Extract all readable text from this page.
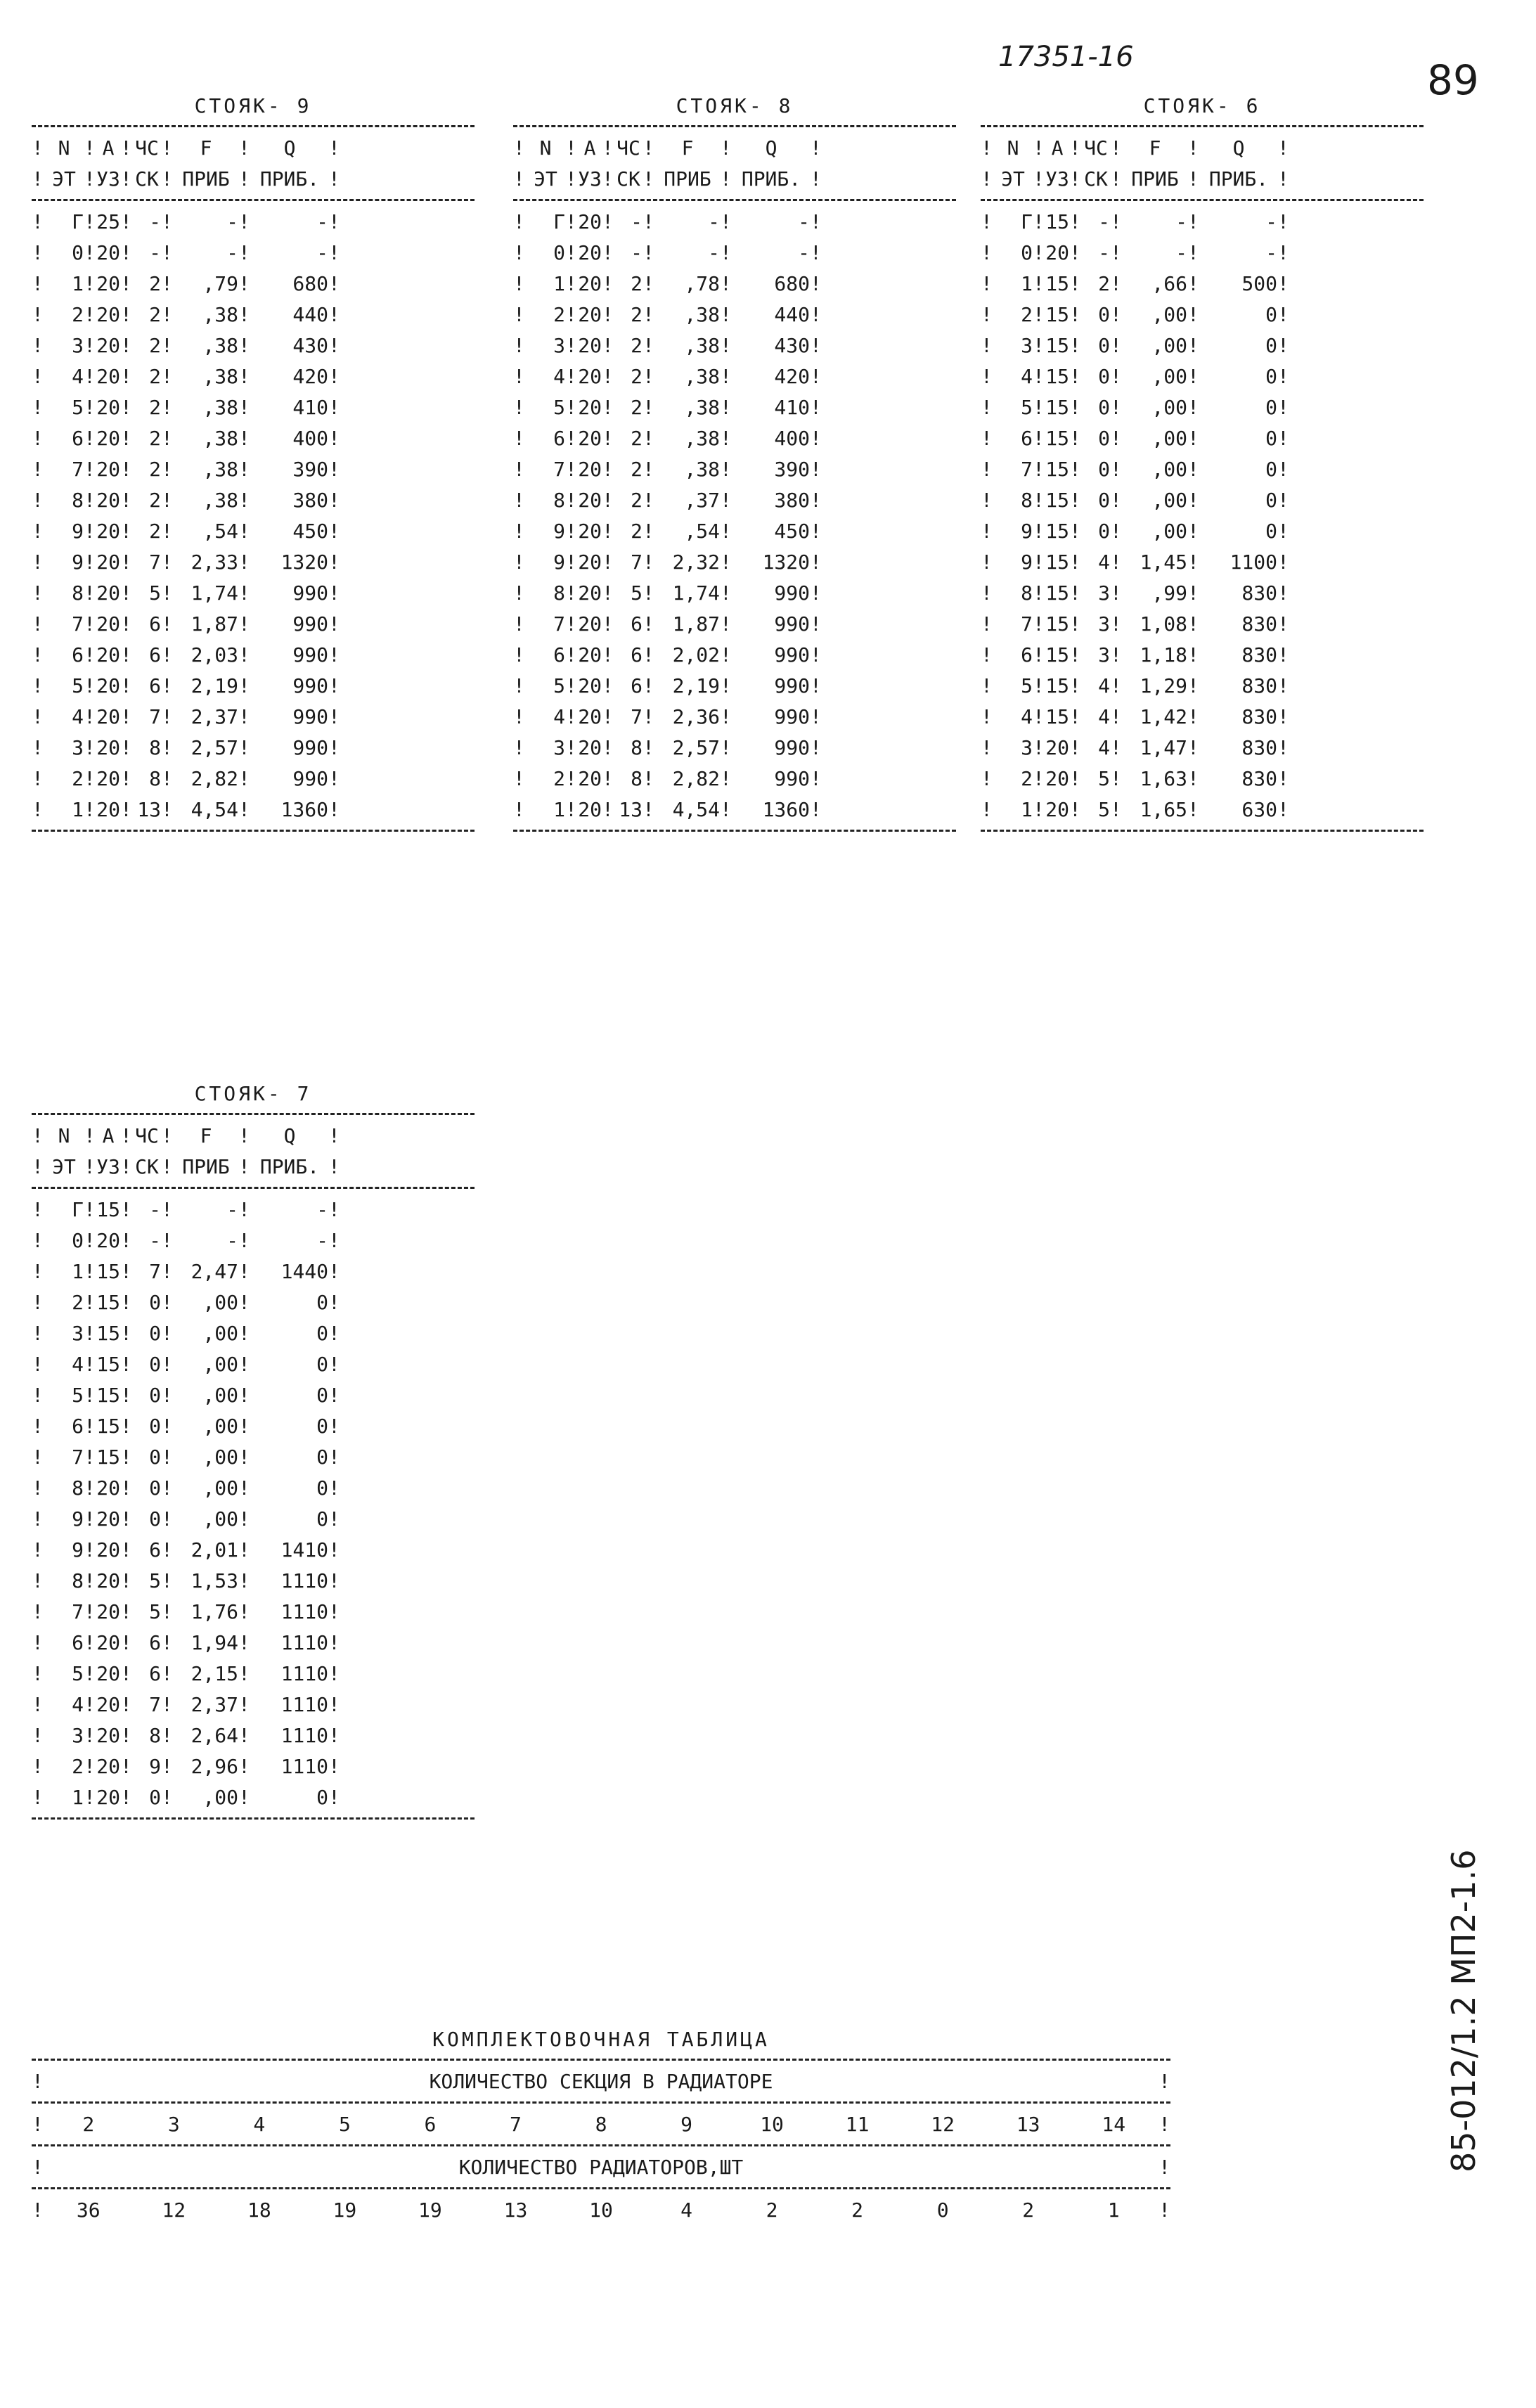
17351-16	89
85-012/1.2 МП2-1.6
СТОЯК- 9
! N ! А ! ЧС !	F	!	Q	!
! ЭТ ! УЗ ! СК ! ПРИБ ! ПРИБ. !
!	Г ! 25 ! - !	- !	- !
!	0 ! 20 ! - !	- !	- !
!	1 ! 20 ! 2 !	,79 !	680 !
!	2 ! 20 ! 2 !	,38 !	440 !
!	3 ! 20 ! 2 !	,38 !	430 !
!	4 ! 20 ! 2 !	,38 !	420 !
!	5 ! 20 ! 2 !	,38 !	410 !
!	6 ! 20 ! 2 !	,38 !	400 !
!	7 ! 20 ! 2 !	,38 !	390 !
!	8 ! 20 ! 2 !	,38 !	380 !
!	9 ! 20 ! 2 !	,54 !	450 !
!	9 ! 20 ! 7 ! 2,33 !	1320 !
!	8 ! 20 ! 5 ! 1,74 !	990 !
!	7 ! 20 ! 6 ! 1,87 !	990 !
!	6 ! 20 ! 6 ! 2,03 !	990 !
!	5 ! 20 ! 6 ! 2,19 !	990 !
!	4 ! 20 ! 7 ! 2,37 !	990 !
!	3 ! 20 ! 8 ! 2,57 !	990 !
!	2 ! 20 ! 8 ! 2,82 !	990 !
!	1 ! 20 ! 13 ! 4,54 !	1360 !
СТОЯК- 8
! N ! А ! ЧС !	F	!	Q	!
! ЭТ ! УЗ ! СК ! ПРИБ ! ПРИБ. !
!	Г ! 20 ! - !	- !	- !
!	0 ! 20 ! - !	- !	- !
!	1 ! 20 ! 2 !	,78 !	680 !
!	2 ! 20 ! 2 !	,38 !	440 !
!	3 ! 20 ! 2 !	,38 !	430 !
!	4 ! 20 ! 2 !	,38 !	420 !
!	5 ! 20 ! 2 !	,38 !	410 !
!	6 ! 20 ! 2 !	,38 !	400 !
!	7 ! 20 ! 2 !	,38 !	390 !
!	8 ! 20 ! 2 !	,37 !	380 !
!	9 ! 20 ! 2 !	,54 !	450 !
!	9 ! 20 ! 7 ! 2,32 !	1320 !
!	8 ! 20 ! 5 ! 1,74 !	990 !
!	7 ! 20 ! 6 ! 1,87 !	990 !
!	6 ! 20 ! 6 ! 2,02 !	990 !
!	5 ! 20 ! 6 ! 2,19 !	990 !
!	4 ! 20 ! 7 ! 2,36 !	990 !
!	3 ! 20 ! 8 ! 2,57 !	990 !
!	2 ! 20 ! 8 ! 2,82 !	990 !
!	1 ! 20 ! 13 ! 4,54 !	1360 !
СТОЯК- 6
! N ! А ! ЧС !	F	!	Q	!
! ЭТ ! УЗ ! СК ! ПРИБ ! ПРИБ. !
!	Г ! 15 ! - !	- !	- !
!	0 ! 20 ! - !	- !	- !
!	1 ! 15 ! 2 !	,66 !	500 !
!	2 ! 15 ! 0 !	,00 !	0 !
!	3 ! 15 ! 0 !	,00 !	0 !
!	4 ! 15 ! 0 !	,00 !	0 !
!	5 ! 15 ! 0 !	,00 !	0 !
!	6 ! 15 ! 0 !	,00 !	0 !
!	7 ! 15 ! 0 !	,00 !	0 !
!	8 ! 15 ! 0 !	,00 !	0 !
!	9 ! 15 ! 0 !	,00 !	0 !
!	9 ! 15 ! 4 ! 1,45 !	1100 !
!	8 ! 15 ! 3 !	,99 !	830 !
!	7 ! 15 ! 3 ! 1,08 !	830 !
!	6 ! 15 ! 3 ! 1,18 !	830 !
!	5 ! 15 ! 4 ! 1,29 !	830 !
!	4 ! 15 ! 4 ! 1,42 !	830 !
!	3 ! 20 ! 4 ! 1,47 !	830 !
!	2 ! 20 ! 5 ! 1,63 !	830 !
!	1 ! 20 ! 5 ! 1,65 !	630 !
СТОЯК- 7
! N ! А ! ЧС !	F	!	Q	!
! ЭТ ! УЗ ! СК ! ПРИБ ! ПРИБ. !
!	Г ! 15 ! - !	- !	- !
!	0 ! 20 ! - !	- !	- !
!	1 ! 15 ! 7 ! 2,47 !	1440 !
!	2 ! 15 ! 0 !	,00 !	0 !
!	3 ! 15 ! 0 !	,00 !	0 !
!	4 ! 15 ! 0 !	,00 !	0 !
!	5 ! 15 ! 0 !	,00 !	0 !
!	6 ! 15 ! 0 !	,00 !	0 !
!	7 ! 15 ! 0 !	,00 !	0 !
!	8 ! 20 ! 0 !	,00 !	0 !
!	9 ! 20 ! 0 !	,00 !	0 !
!	9 ! 20 ! 6 ! 2,01 !	1410 !
!	8 ! 20 ! 5 ! 1,53 !	1110 !
!	7 ! 20 ! 5 ! 1,76 !	1110 !
!	6 ! 20 ! 6 ! 1,94 !	1110 !
!	5 ! 20 ! 6 ! 2,15 !	1110 !
!	4 ! 20 ! 7 ! 2,37 !	1110 !
!	3 ! 20 ! 8 ! 2,64 !	1110 !
!	2 ! 20 ! 9 ! 2,96 !	1110 !
!	1 ! 20 ! 0 !	,00 !	0 !
КОМПЛЕКТОВОЧНАЯ ТАБЛИЦА
!	КОЛИЧЕСТВО СЕКЦИЯ В РАДИАТОРЕ	!
!	2	3	4	5	6	7	8	9	10	11	12	13	14	!
!	КОЛИЧЕСТВО РАДИАТОРОВ,ШТ	!
!	36	12	18	19	19	13	10	4	2	2	0	2	1	!
